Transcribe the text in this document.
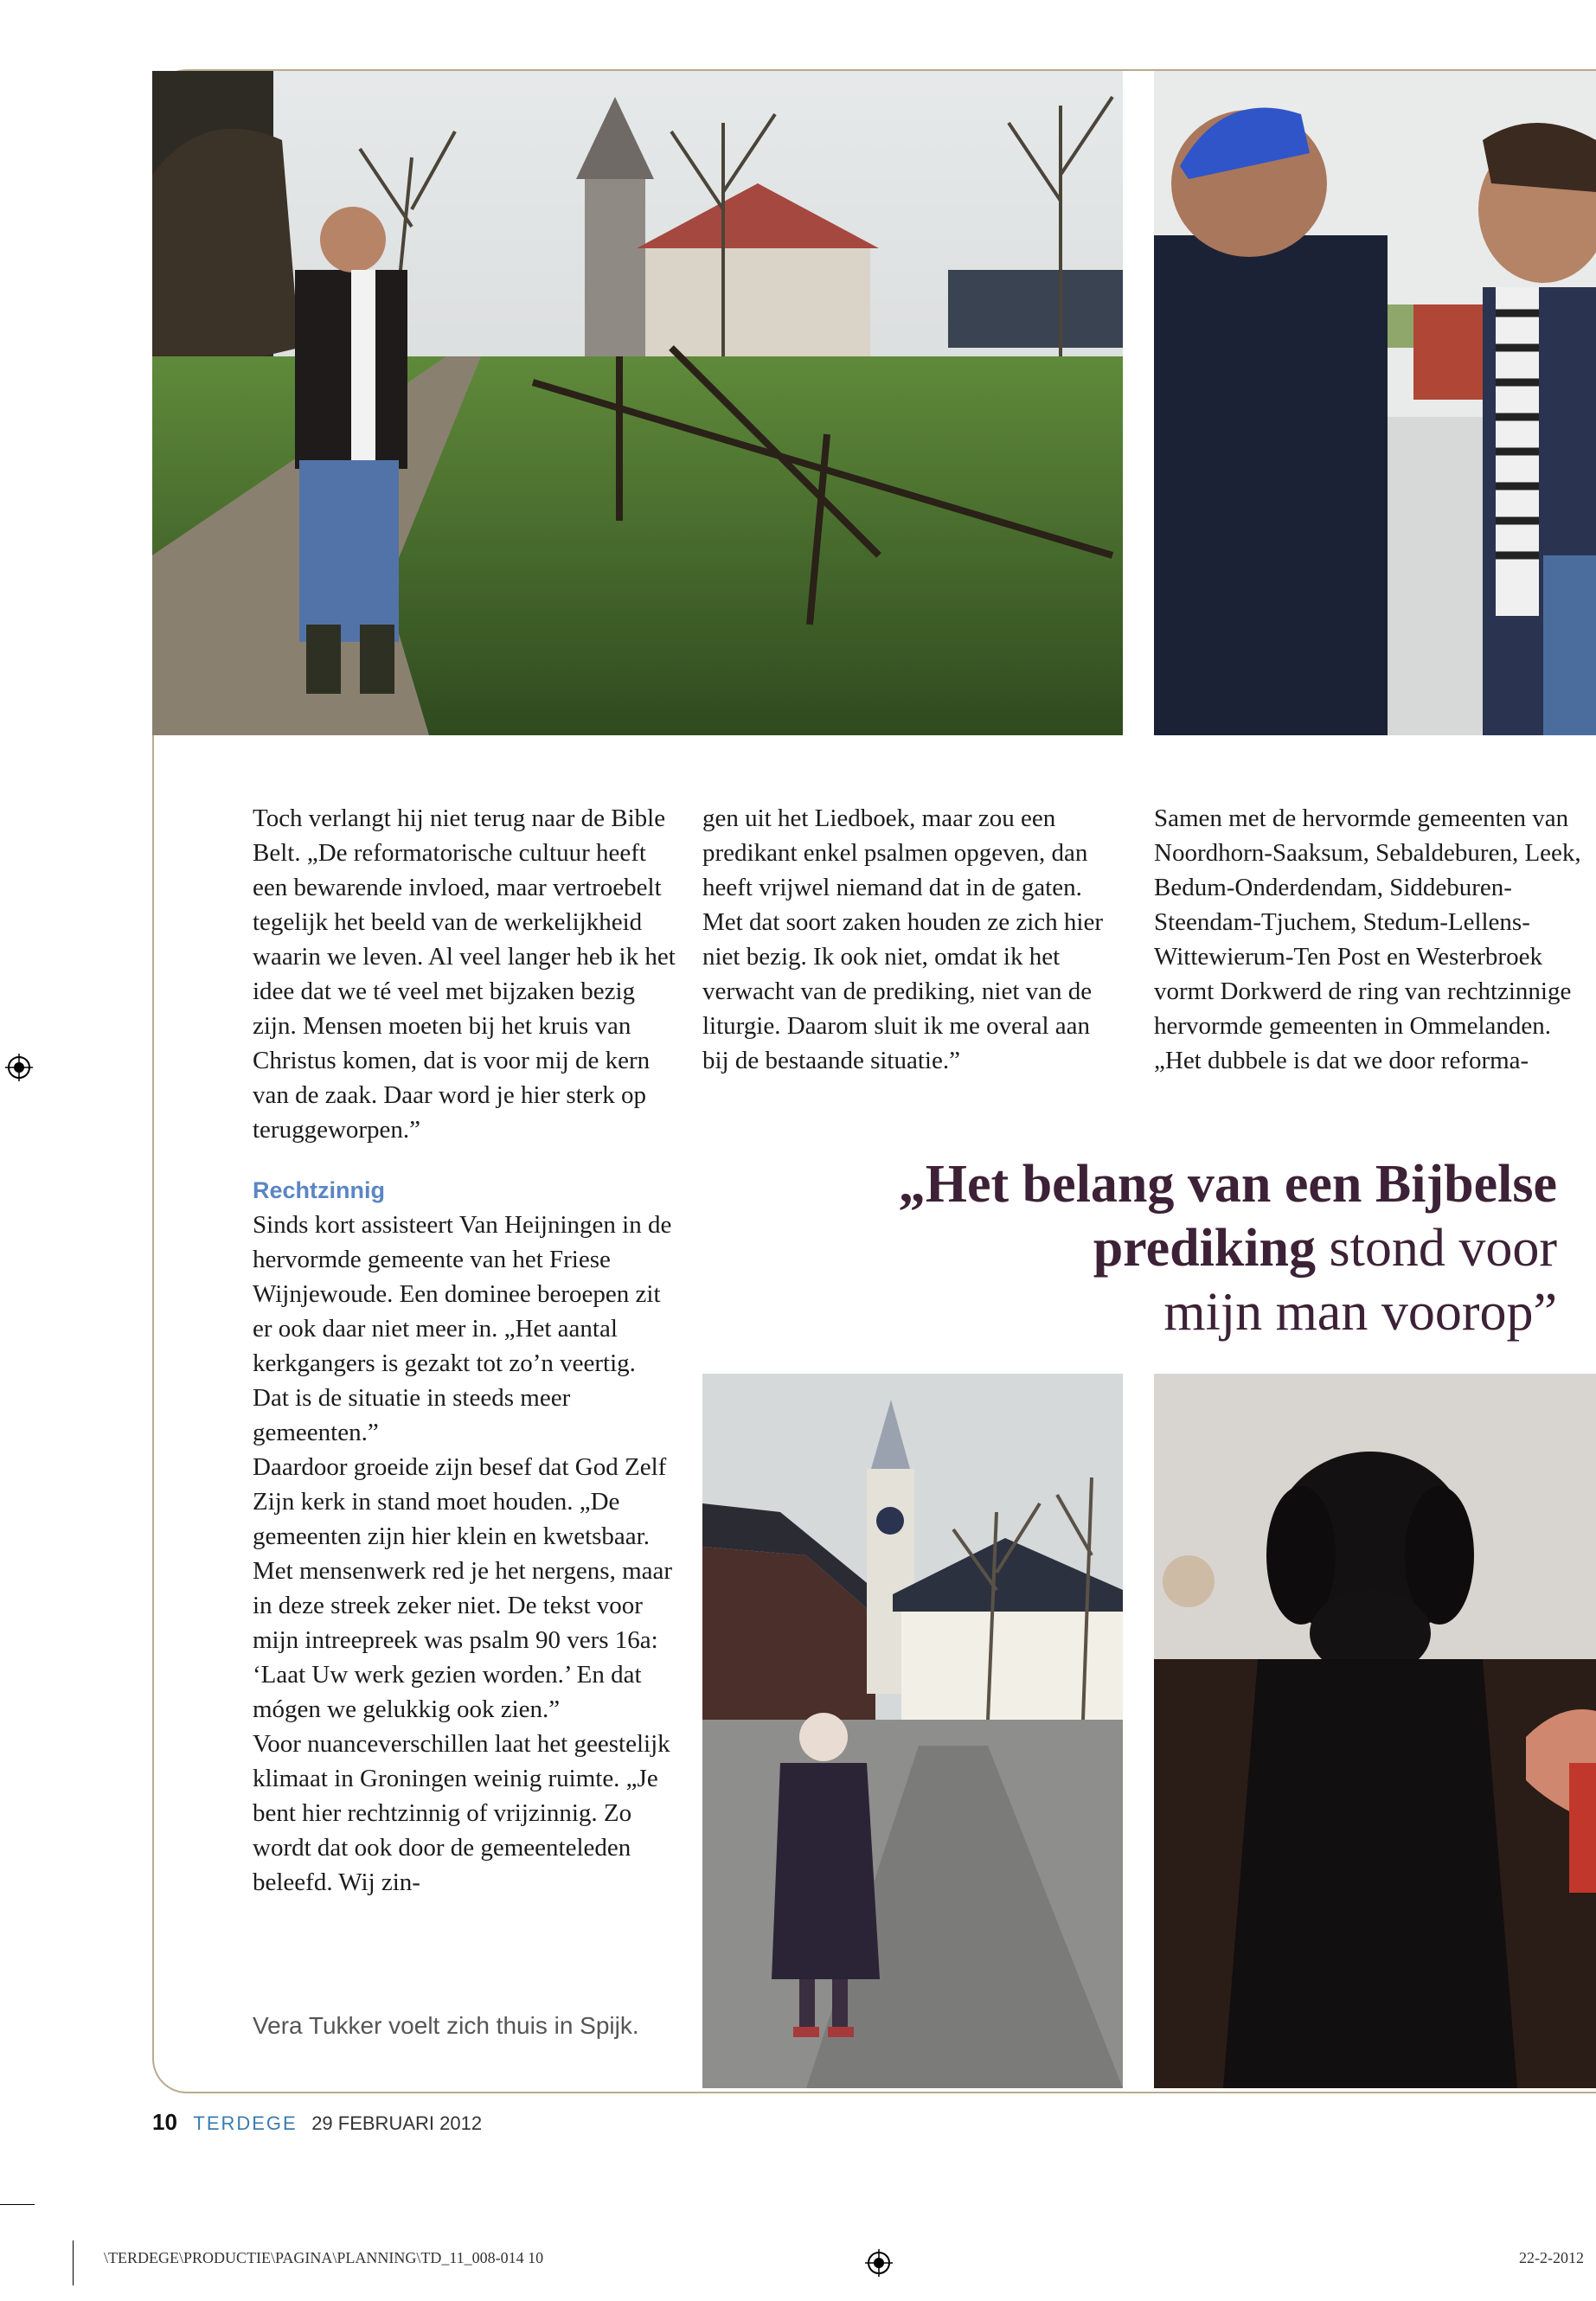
Toch verlangt hij niet terug naar de Bible Belt. „De reformatorische cultuur heeft een bewarende invloed, maar vertroebelt tegelijk het beeld van de werkelijkheid waarin we leven. Al veel langer heb ik het idee dat we té veel met bijzaken bezig zijn. Mensen moeten bij het kruis van Christus komen, dat is voor mij de kern van de zaak. Daar word je hier sterk op teruggeworpen.”

Rechtzinnig

Sinds kort assisteert Van Heijningen in de hervormde gemeente van het Friese Wijnjewoude. Een dominee beroepen zit er ook daar niet meer in. „Het aantal kerkgangers is gezakt tot zo’n veertig. Dat is de situatie in steeds meer gemeenten.”

Daardoor groeide zijn besef dat God Zelf Zijn kerk in stand moet houden. „De gemeenten zijn hier klein en kwetsbaar. Met mensenwerk red je het nergens, maar in deze streek zeker niet. De tekst voor mijn intreepreek was psalm 90 vers 16a: ‘Laat Uw werk gezien worden.’ En dat mógen we gelukkig ook zien.”

Voor nuanceverschillen laat het geestelijk klimaat in Groningen weinig ruimte. „Je bent hier rechtzinnig of vrijzinnig. Zo wordt dat ook door de gemeenteleden beleefd. Wij zin-

gen uit het Liedboek, maar zou een predikant enkel psalmen opgeven, dan heeft vrijwel niemand dat in de gaten. Met dat soort zaken houden ze zich hier niet bezig. Ik ook niet, omdat ik het verwacht van de prediking, niet van de liturgie. Daarom sluit ik me overal aan bij de bestaande situatie.”

Samen met de hervormde gemeenten van Noordhorn-Saaksum, Sebaldeburen, Leek, Bedum-Onderdendam, Siddeburen-Steendam-Tjuchem, Stedum-Lellens-Wittewierum-Ten Post en Westerbroek vormt Dorkwerd de ring van rechtzinnige hervormde gemeenten in Ommelanden. „Het dubbele is dat we door reforma-

„Het belang van een Bijbelse
prediking stond voor
mijn man voorop”
Vera Tukker voelt zich thuis in Spijk.
10 TERDEGE 29 FEBRUARI 2012
\TERDEGE\PRODUCTIE\PAGINA\PLANNING\TD_11_008-014 10	22-2-2012
